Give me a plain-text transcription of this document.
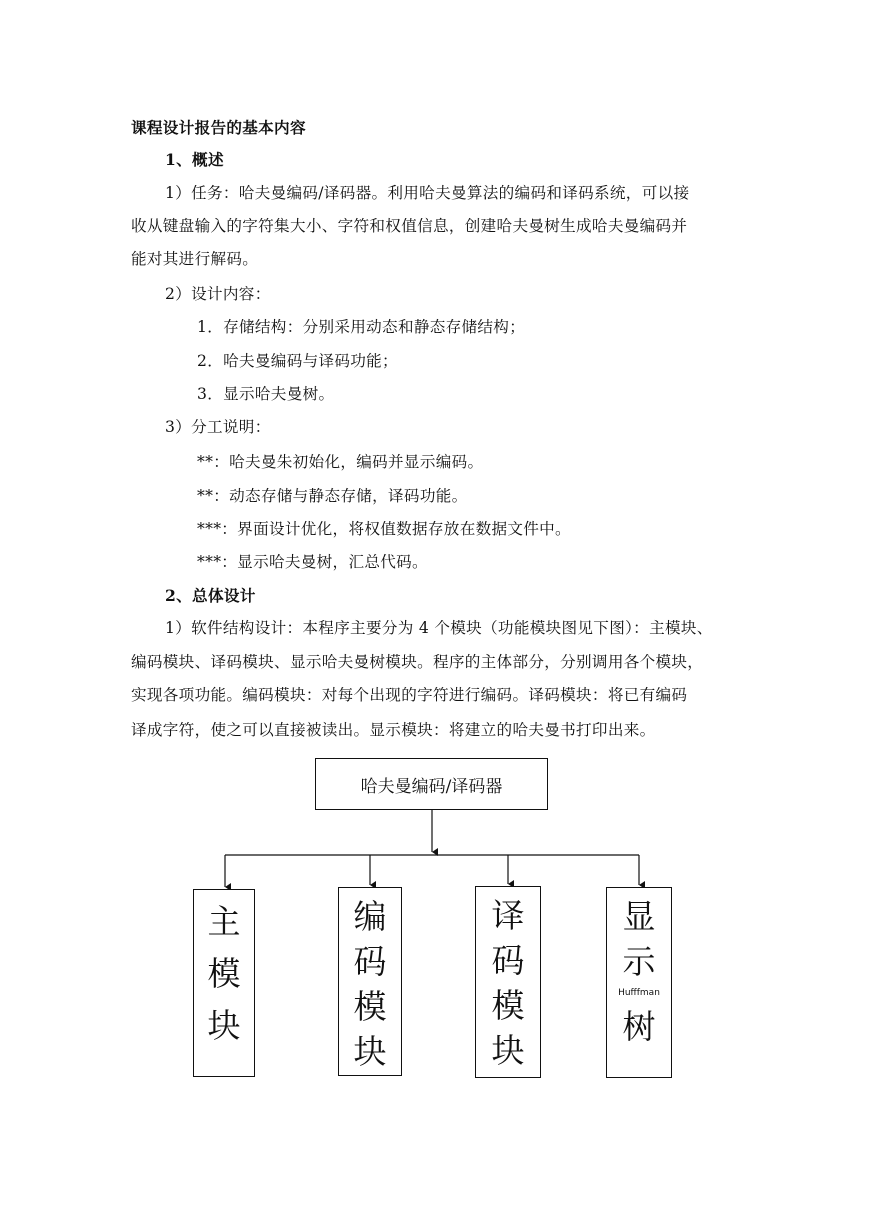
课程设计报告的基本内容
1、概述
1）任务：哈夫曼编码/译码器。利用哈夫曼算法的编码和译码系统，可以接
收从键盘输入的字符集大小、字符和权值信息，创建哈夫曼树生成哈夫曼编码并
能对其进行解码。
2）设计内容：
1．存储结构：分别采用动态和静态存储结构；
2．哈夫曼编码与译码功能；
3．显示哈夫曼树。
3）分工说明：
**：哈夫曼朱初始化，编码并显示编码。
**：动态存储与静态存储，译码功能。
***：界面设计优化，将权值数据存放在数据文件中。
***：显示哈夫曼树，汇总代码。
2、总体设计
1）软件结构设计：本程序主要分为 4 个模块（功能模块图见下图）：主模块、
编码模块、译码模块、显示哈夫曼树模块。程序的主体部分，分别调用各个模块，
实现各项功能。编码模块：对每个出现的字符进行编码。译码模块：将已有编码
译成字符，使之可以直接被读出。显示模块：将建立的哈夫曼书打印出来。
哈夫曼编码/译码器
主
模
块
编
码
模
块
译
码
模
块
显
示
Hufffman
树
